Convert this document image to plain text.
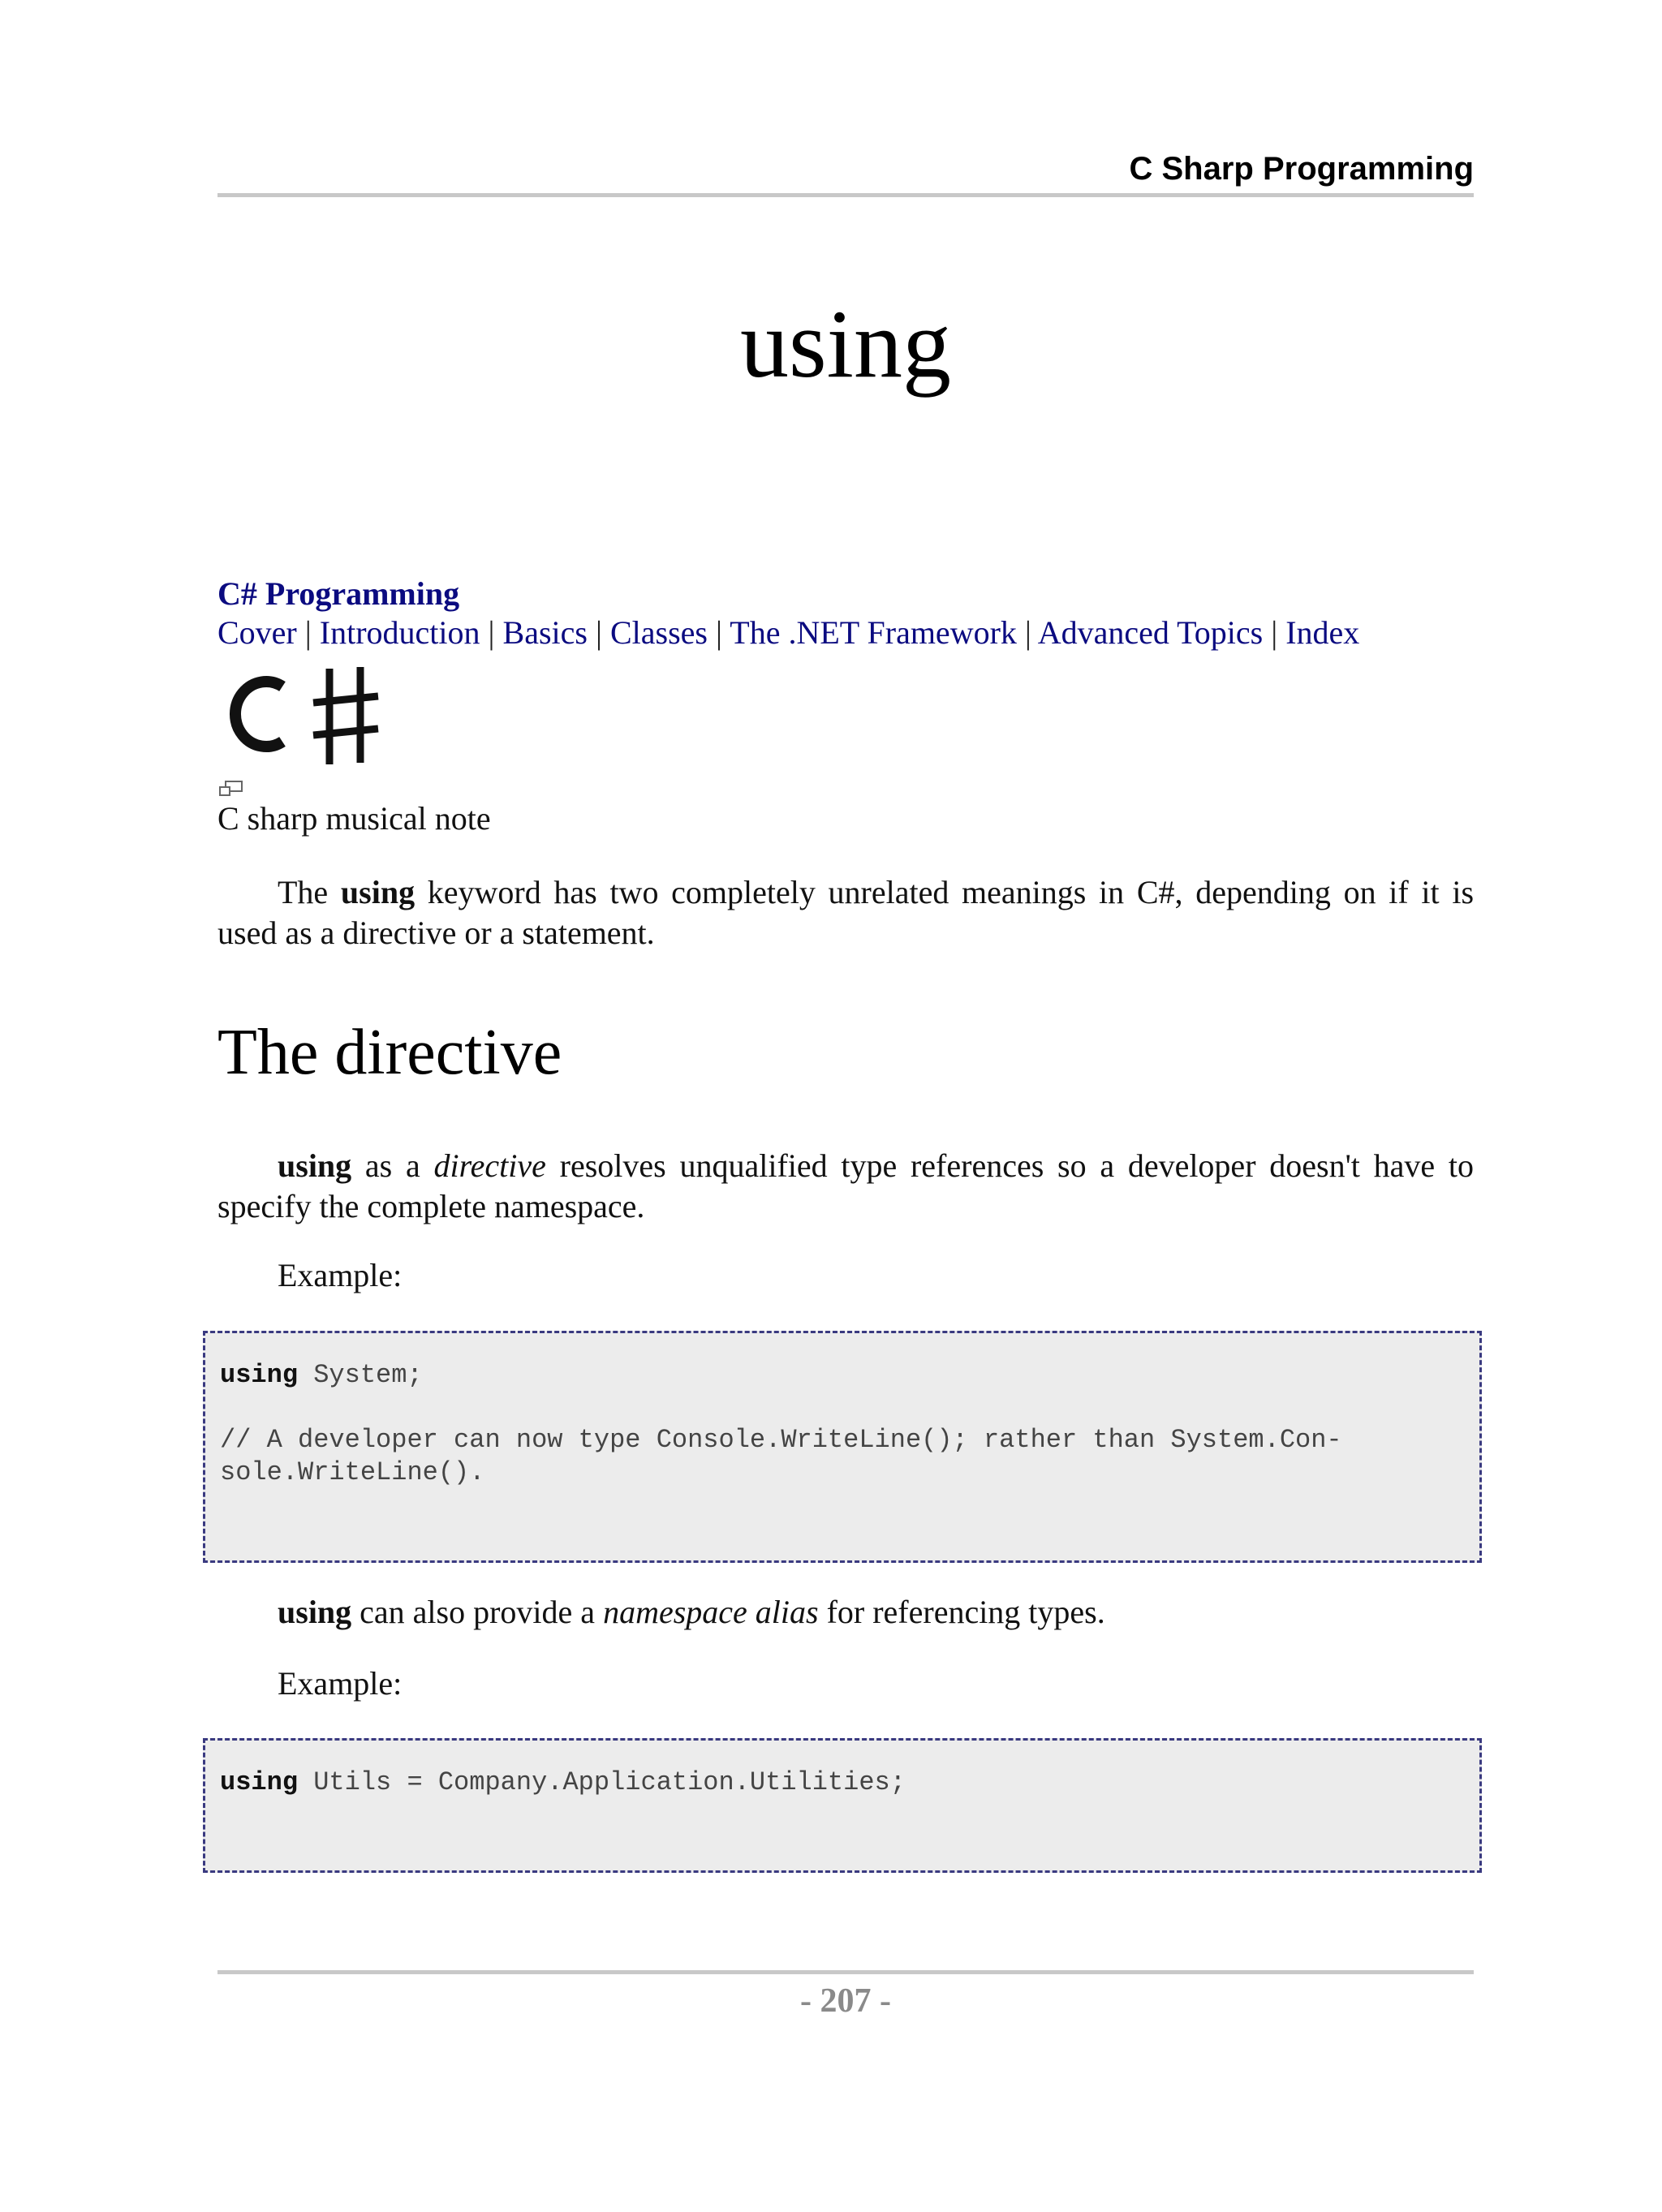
C Sharp Programming
using
C# Programming
Cover | Introduction | Basics | Classes | The .NET Framework | Advanced Topics | Index
C sharp musical note

The using keyword has two completely unrelated meanings in C#, depending on if it is used as a directive or a statement.

The directive

using as a directive resolves unqualified type references so a developer doesn't have to specify the complete namespace.

Example:

using System;

// A developer can now type Console.WriteLine(); rather than System.Con-
sole.WriteLine().

using can also provide a namespace alias for referencing types.

Example:

using Utils = Company.Application.Utilities;
- 207 -
